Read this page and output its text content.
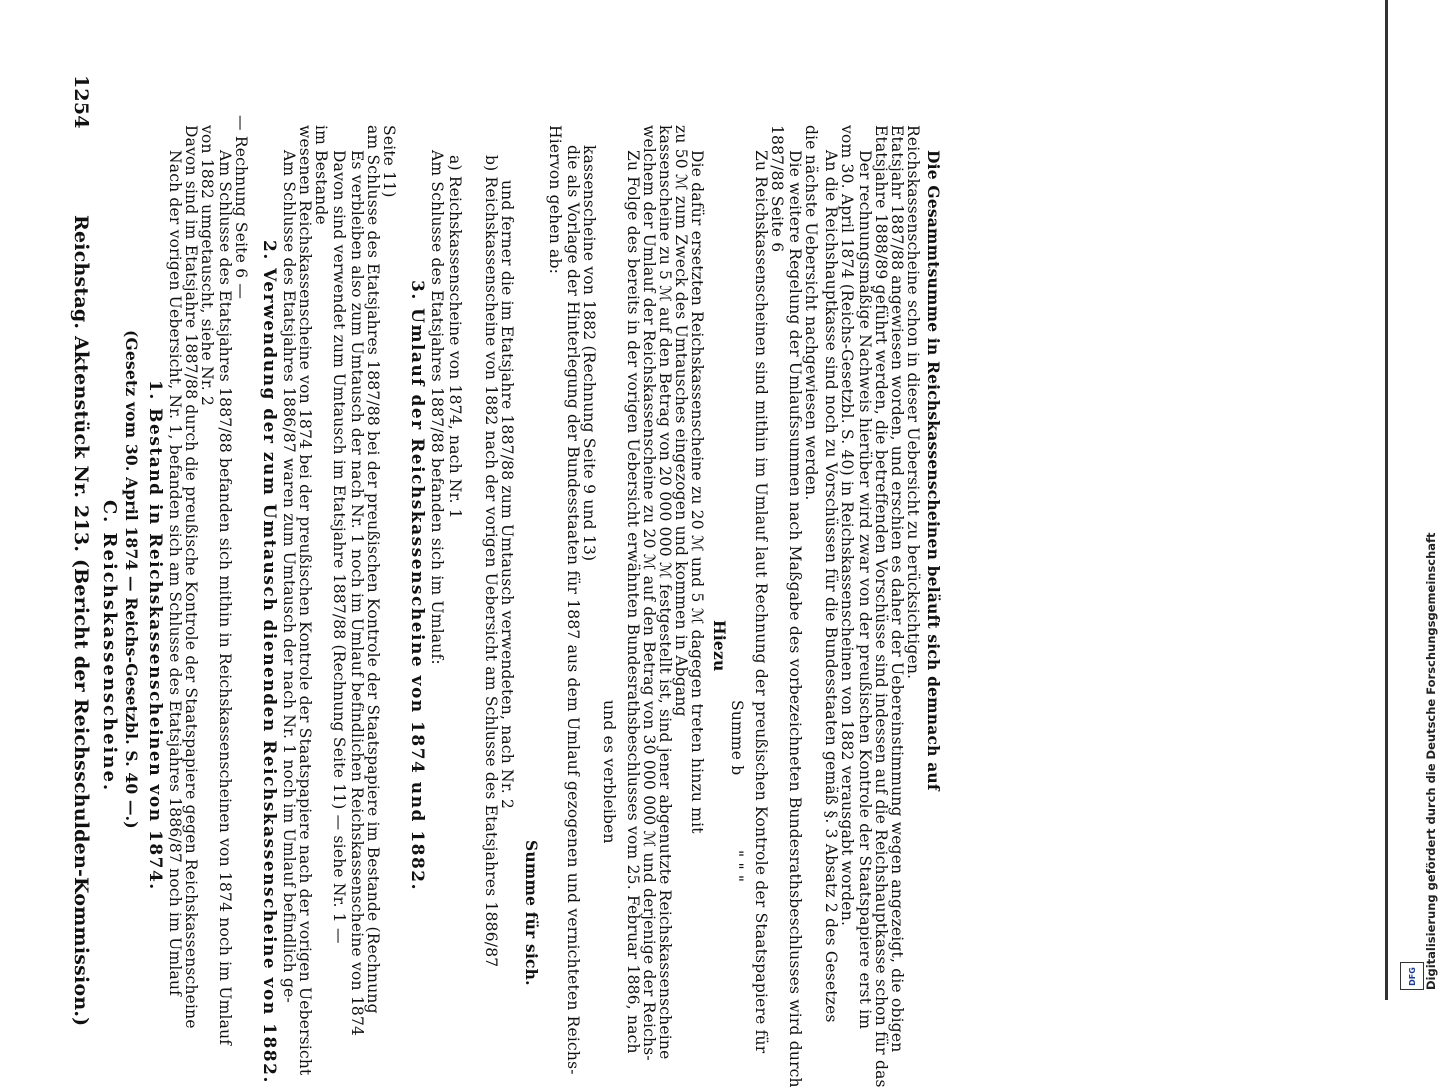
1254
Reichstag. Aktenstück Nr. 213. (Bericht der Reichsschulden-Kommission.) C. Reichskassenscheine. (Gesetz vom 30. April 1874 — Reichs-Gesetzbl. S. 40 —.) 1. Bestand in Reichskassenscheinen von 1874. Nach der vorigen Uebersicht, Nr. 1, befanden sich am Schlusse des Etatsjahres 1886/87 noch im Umlauf
Davon sind im Etatsjahre 1887/88 durch die preußische Kontrole der Staatspapiere gegen Reichskassenscheine
von 1882 umgetauscht, siehe Nr. 2 Am Schlusse des Etatsjahres 1887/88 befanden sich mithin in Reichskassenscheinen von 1874 noch im Umlauf
— Rechnung Seite 6 —
2. Verwendung der zum Umtausch dienenden Reichskassenscheine von 1882. Am Schlusse des Etatsjahres 1886/87 waren zum Umtausch der nach Nr. 1 noch im Umlauf befindlich ge-
wesenen Reichskassenscheine von 1874 bei der preußischen Kontrole der Staatspapiere nach der vorigen Uebersicht
im Bestande Davon sind verwendet zum Umtausch im Etatsjahre 1887/88 (Rechnung Seite 11) — siehe Nr. 1 — Es verbleiben also zum Umtausch der nach Nr. 1 noch im Umlauf befindlichen Reichskassenscheine von 1874
am Schlusse des Etatsjahres 1887/88 bei der preußischen Kontrole der Staatspapiere im Bestande (Rechnung
Seite 11)
3. Umlauf der Reichskassenscheine von 1874 und 1882. Am Schlusse des Etatsjahres 1887/88 befanden sich im Umlauf: a) Reichskassenscheine von 1874, nach Nr. 1 b) Reichskassenscheine von 1882 nach der vorigen Uebersicht am Schlusse des Etatsjahres 1886/87
und ferner die im Etatsjahre 1887/88 zum Umtausch verwendeten, nach Nr. 2
Summe für sich.
Hiervon gehen ab: die als Vorlage der Hinterlegung der Bundesstaaten für 1887 aus dem Umlauf gezogenen und vernichteten Reichs-
kassenscheine von 1882 (Rechnung Seite 9 und 13)
und es verbleiben Zu Folge des bereits in der vorigen Uebersicht erwähnten Bundesrathsbeschlusses vom 25. Februar 1886, nach
welchem der Umlauf der Reichskassenscheine zu 20 ℳ auf den Betrag von 30 000 000 ℳ und derjenige der Reichs-
kassenscheine zu 5 ℳ auf den Betrag von 20 000 000 ℳ festgestellt ist, sind jener abgenutzte Reichskassenscheine
zu 50 ℳ zum Zweck des Umtausches eingezogen und kommen in Abgang
Die dafür ersetzten Reichskassenscheine zu 20 ℳ und 5 ℳ dagegen treten hinzu mit Hiezu
Summe b
" " " Zu Reichskassenscheinen sind mithin im Umlauf laut Rechnung der preußischen Kontrole der Staatspapiere für
1887/88 Seite 6 Die weitere Regelung der Umlaufssummen nach Maßgabe des vorbezeichneten Bundesrathsbeschlusses wird durch
die nächste Uebersicht nachgewiesen werden. An die Reichshauptkasse sind noch zu Vorschüssen für die Bundesstaaten gemäß §. 3 Absatz 2 des Gesetzes
vom 30. April 1874 (Reichs-Gesetzbl. S. 40) in Reichskassenscheinen von 1882 verausgabt worden. Der rechnungsmäßige Nachweis hierüber wird zwar von der preußischen Kontrole der Staatspapiere erst im
Etatsjahre 1888/89 geführt werden, die betreffenden Vorschüsse sind indessen auf die Reichshauptkasse schon für das
Etatsjahr 1887/88 angewiesen worden, und erschien es daher der Uebereinstimmung wegen angezeigt, die obigen
Reichskassenscheine schon in dieser Uebersicht zu berücksichtigen. Die Gesammtsumme in Reichskassenscheinen beläuft sich demnach auf	Digitalisierung gefördert durch die Deutsche Forschungsgemeinschaft
DFG
